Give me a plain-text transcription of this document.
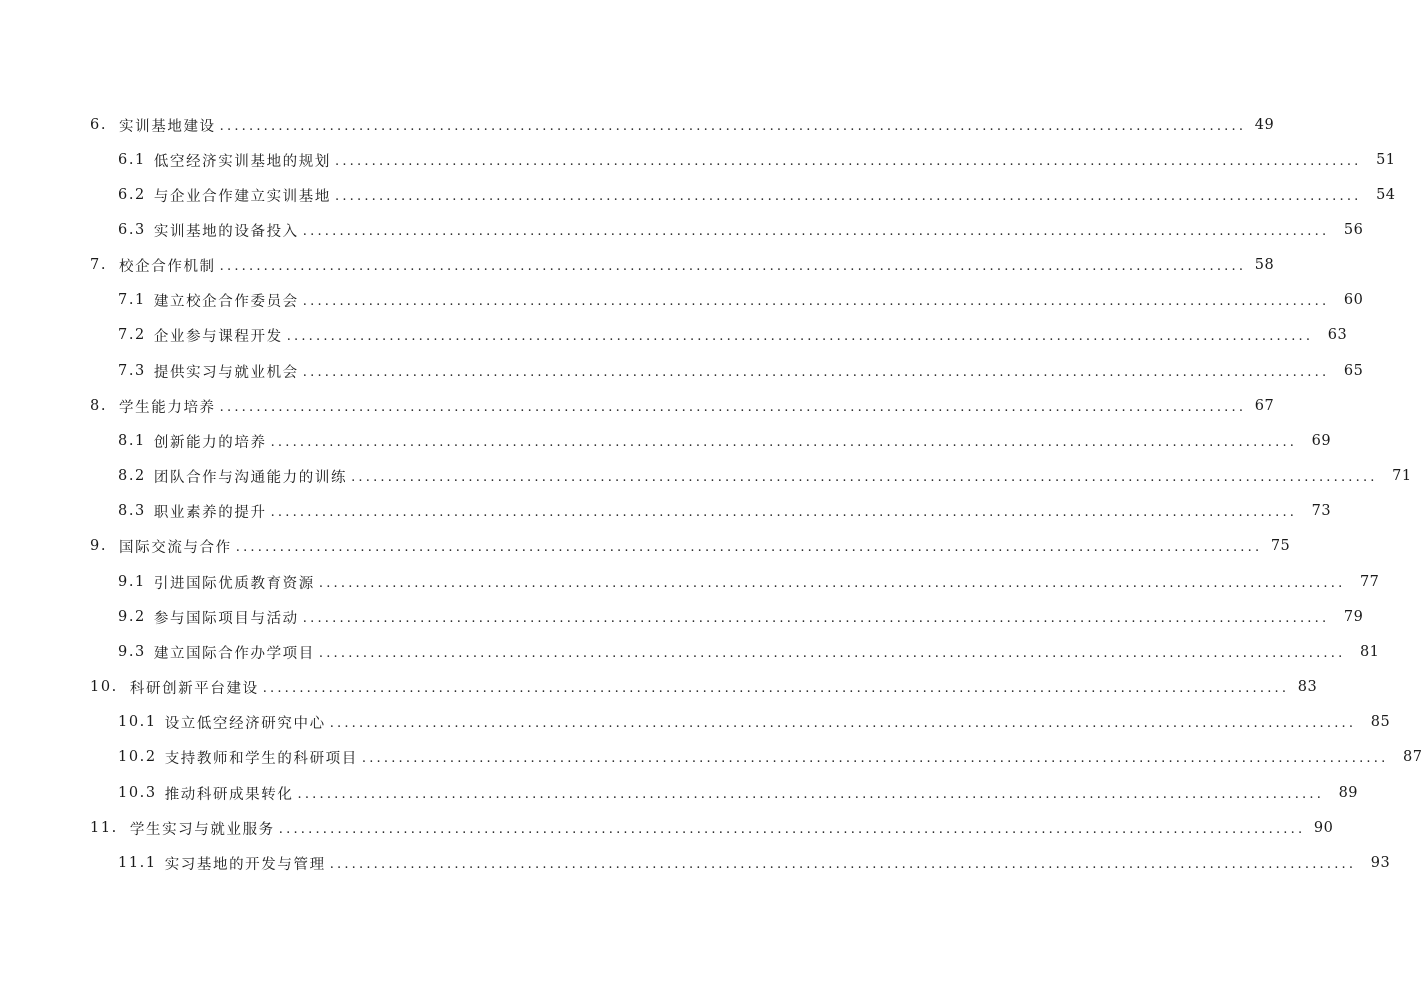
6. 实训基地建设 ............................................................................................................................................ 49
6.1 低空经济实训基地的规划 ............................................................................................................................................ 51
6.2 与企业合作建立实训基地 ............................................................................................................................................ 54
6.3 实训基地的设备投入 ............................................................................................................................................ 56
7. 校企合作机制 ............................................................................................................................................ 58
7.1 建立校企合作委员会 ............................................................................................................................................ 60
7.2 企业参与课程开发 ............................................................................................................................................ 63
7.3 提供实习与就业机会 ............................................................................................................................................ 65
8. 学生能力培养 ............................................................................................................................................ 67
8.1 创新能力的培养 ............................................................................................................................................ 69
8.2 团队合作与沟通能力的训练 ............................................................................................................................................ 71
8.3 职业素养的提升 ............................................................................................................................................ 73
9. 国际交流与合作 ............................................................................................................................................ 75
9.1 引进国际优质教育资源 ............................................................................................................................................ 77
9.2 参与国际项目与活动 ............................................................................................................................................ 79
9.3 建立国际合作办学项目 ............................................................................................................................................ 81
10. 科研创新平台建设 ............................................................................................................................................ 83
10.1 设立低空经济研究中心 ............................................................................................................................................ 85
10.2 支持教师和学生的科研项目 ............................................................................................................................................ 87
10.3 推动科研成果转化 ............................................................................................................................................ 89
11. 学生实习与就业服务 ............................................................................................................................................ 90
11.1 实习基地的开发与管理 ............................................................................................................................................ 93
